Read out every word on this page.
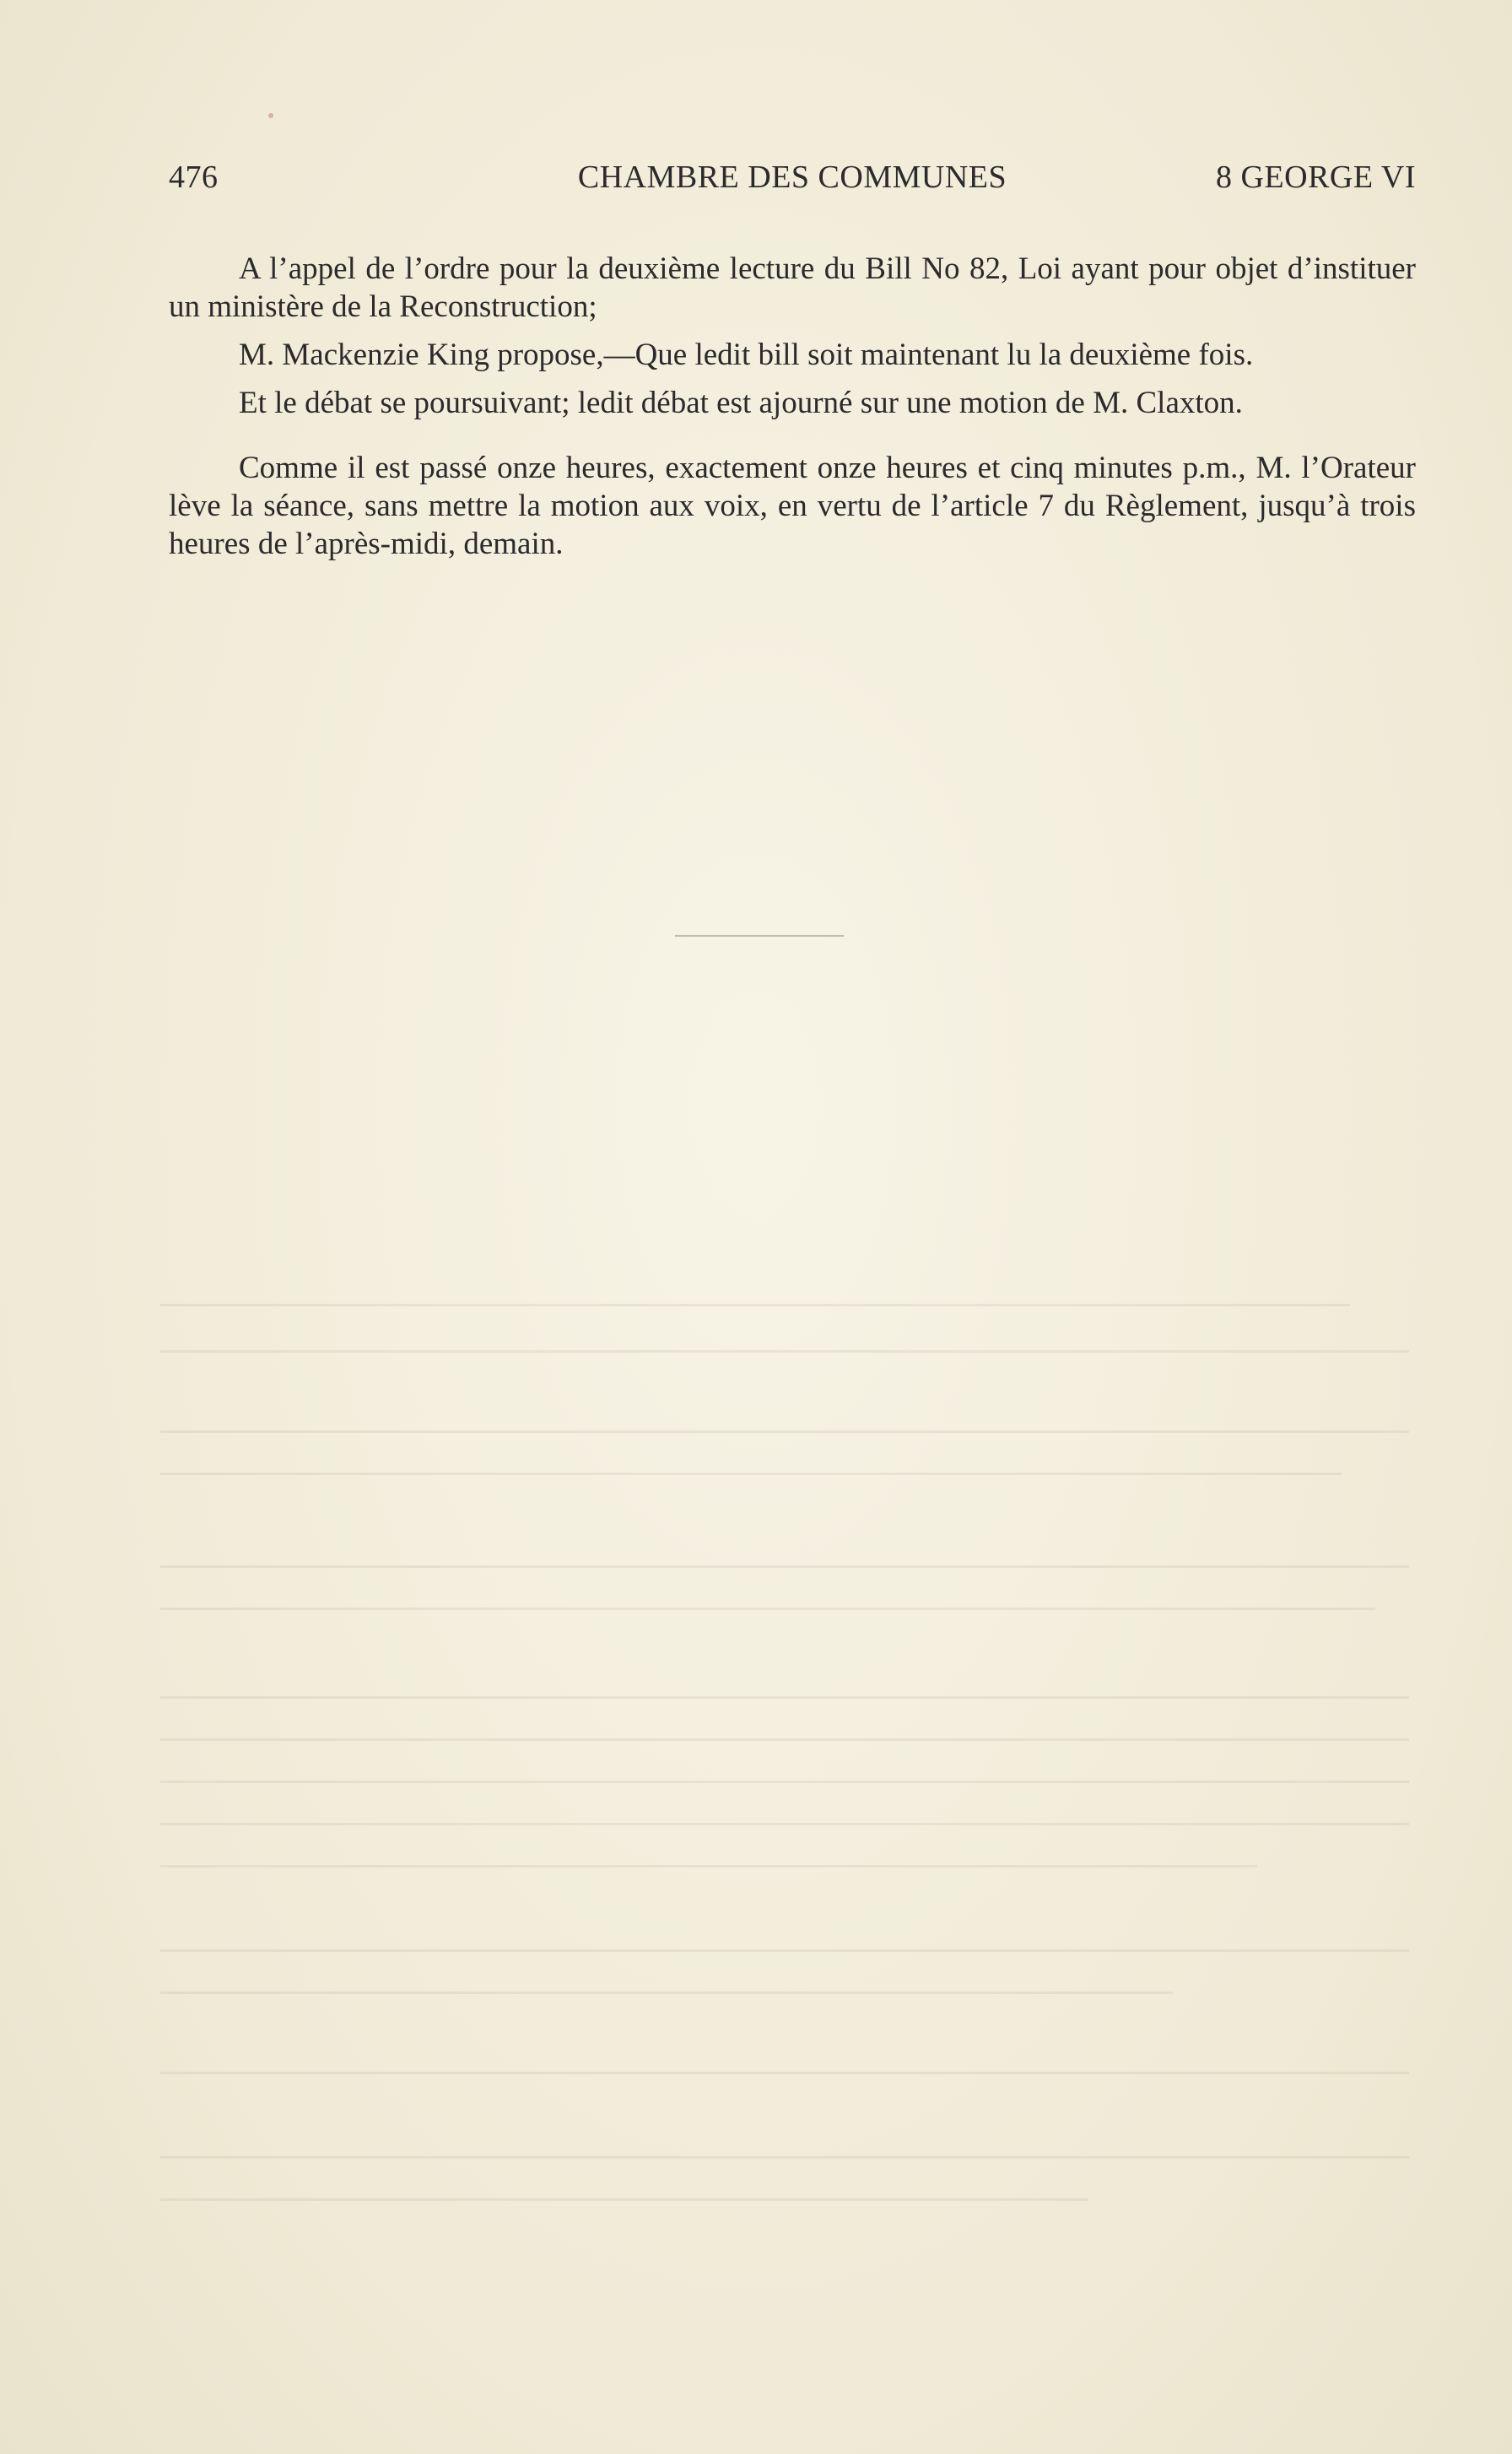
476	CHAMBRE DES COMMUNES	8 GEORGE VI

A l’appel de l’ordre pour la deuxième lecture du Bill No 82, Loi ayant pour objet d’instituer un ministère de la Reconstruction;

M. Mackenzie King propose,—Que ledit bill soit maintenant lu la deuxième fois.

Et le débat se poursuivant; ledit débat est ajourné sur une motion de M. Claxton.

Comme il est passé onze heures, exactement onze heures et cinq minutes p.m., M. l’Orateur lève la séance, sans mettre la motion aux voix, en vertu de l’article 7 du Règlement, jusqu’à trois heures de l’après-midi, demain.
